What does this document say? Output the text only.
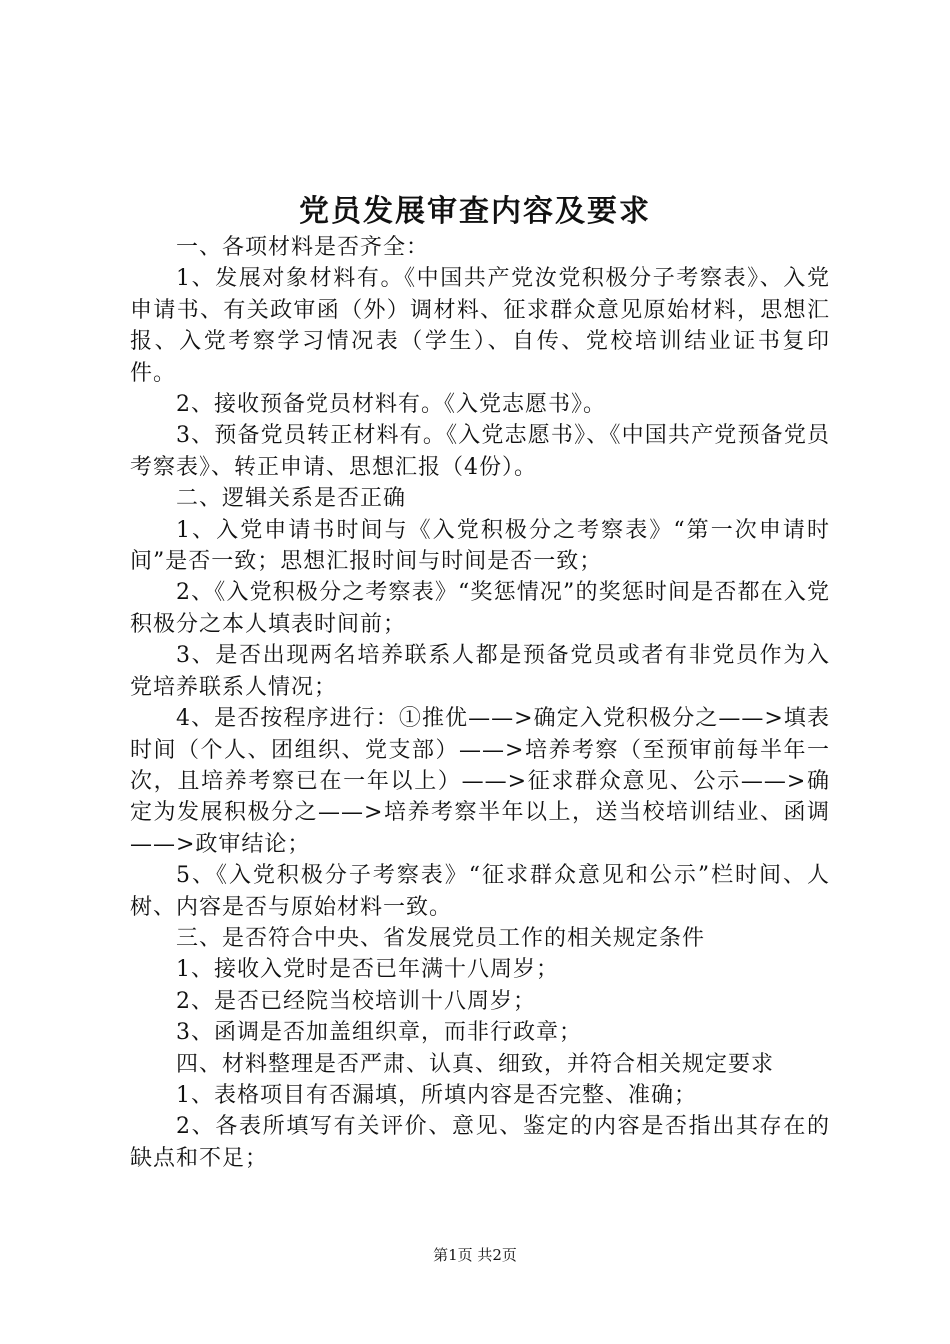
党员发展审查内容及要求

一、各项材料是否齐全：

1、发展对象材料有。《中国共产党汝党积极分子考察表》、入党申请书、有关政审函（外）调材料、征求群众意见原始材料，思想汇报、入党考察学习情况表（学生）、自传、党校培训结业证书复印件。

2、接收预备党员材料有。《入党志愿书》。

3、预备党员转正材料有。《入党志愿书》、《中国共产党预备党员考察表》、转正申请、思想汇报（4份）。

二、逻辑关系是否正确

1、入党申请书时间与《入党积极分之考察表》“第一次申请时间”是否一致；思想汇报时间与时间是否一致；

2、《入党积极分之考察表》“奖惩情况”的奖惩时间是否都在入党积极分之本人填表时间前；

3、是否出现两名培养联系人都是预备党员或者有非党员作为入党培养联系人情况；

4、是否按程序进行：①推优——>确定入党积极分之——>填表时间（个人、团组织、党支部）——>培养考察（至预审前每半年一次，且培养考察已在一年以上）——>征求群众意见、公示——>确定为发展积极分之——>培养考察半年以上，送当校培训结业、函调——>政审结论；

5、《入党积极分子考察表》“征求群众意见和公示”栏时间、人树、内容是否与原始材料一致。

三、是否符合中央、省发展党员工作的相关规定条件

1、接收入党时是否已年满十八周岁；

2、是否已经院当校培训十八周岁；

3、函调是否加盖组织章，而非行政章；

四、材料整理是否严肃、认真、细致，并符合相关规定要求

1、表格项目有否漏填，所填内容是否完整、准确；

2、各表所填写有关评价、意见、鉴定的内容是否指出其存在的缺点和不足；

第1页 共2页
